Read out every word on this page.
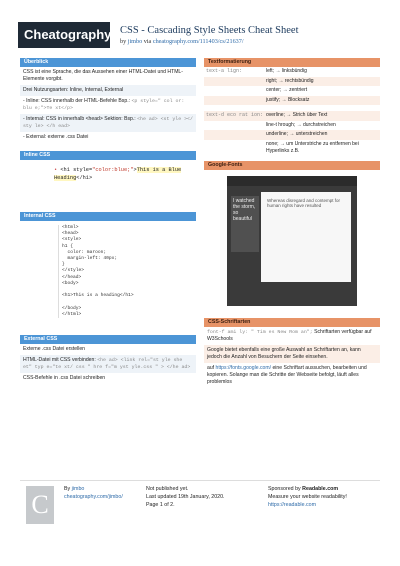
Cheatography CSS - Cascading Style Sheets Cheat Sheet
by jimbo via cheatography.com/111403/cs/21637/
Überblick
CSS ist eine Sprache, die das Aussehen einer HTML-Datei und HTML-Elemente vorgibt.
Drei Nutzungsarten: Inline, Internal, External
- Inline: CSS innerhalb der HTML-Befehle Bsp.: <p style=" col or: blu e;">Te xt</p>
- Internal: CSS in innerhalb <head> Sektion: Bsp.: <he ad> <st yle ></ sty le> </h ead>
- External: externe .css Datei
Inline CSS
• <h1 style="color:blue;">This is a Blue Heading</h1>
Internal CSS
<html>
<head>
<style>
h1 {
color: maroon;
margin-left: 40px;
}
</style>
</head>
<body>

<h1>This is a heading</h1>

</body>
</html>
External CSS
Externe .css Datei erstellen
HTML-Datei mit CSS verbinden: <he ad> <link rel="st yle she et" typ e="te xt/ css " hre f="m yst yle.css " > </he ad>
CSS-Befehle in .css Datei schreiben
Textformatierung
text-a lign:	left; → linksbündig
right; → rechtsbündig
center; → zentriert
justify; → Blocksatz
text-d eco rat ion: overline; → Strich über Text
line-t hrough; → durchstreichen
underline; → unterstreichen
none; → um Unterstriche zu entfernen bei Hyperlinks z.B.
Google-Fonts
I watched the storm, so beautiful
Whereas disregard and contempt for human rights have resulted
CSS-Schriftarten
font-f ami ly: " Tim es New Rom an"; Schriftarten verfügbar auf W3Schools
Google bietet ebenfalls eine große Auswahl an Schriftarten an, kann jedoch die Anzahl von Besuchern der Seite einsehen.
auf https://fonts.google.com/ eine Schriftart aussuchen, bearbeiten und kopieren. Solange man die Schritte der Webseite befolgt, läuft alles problemlos
C
By jimbo
cheatography.com/jimbo/
Not published yet.
Last updated 19th January, 2020.
Page 1 of 2.
Sponsored by Readable.com
Measure your website readability!
https://readable.com
